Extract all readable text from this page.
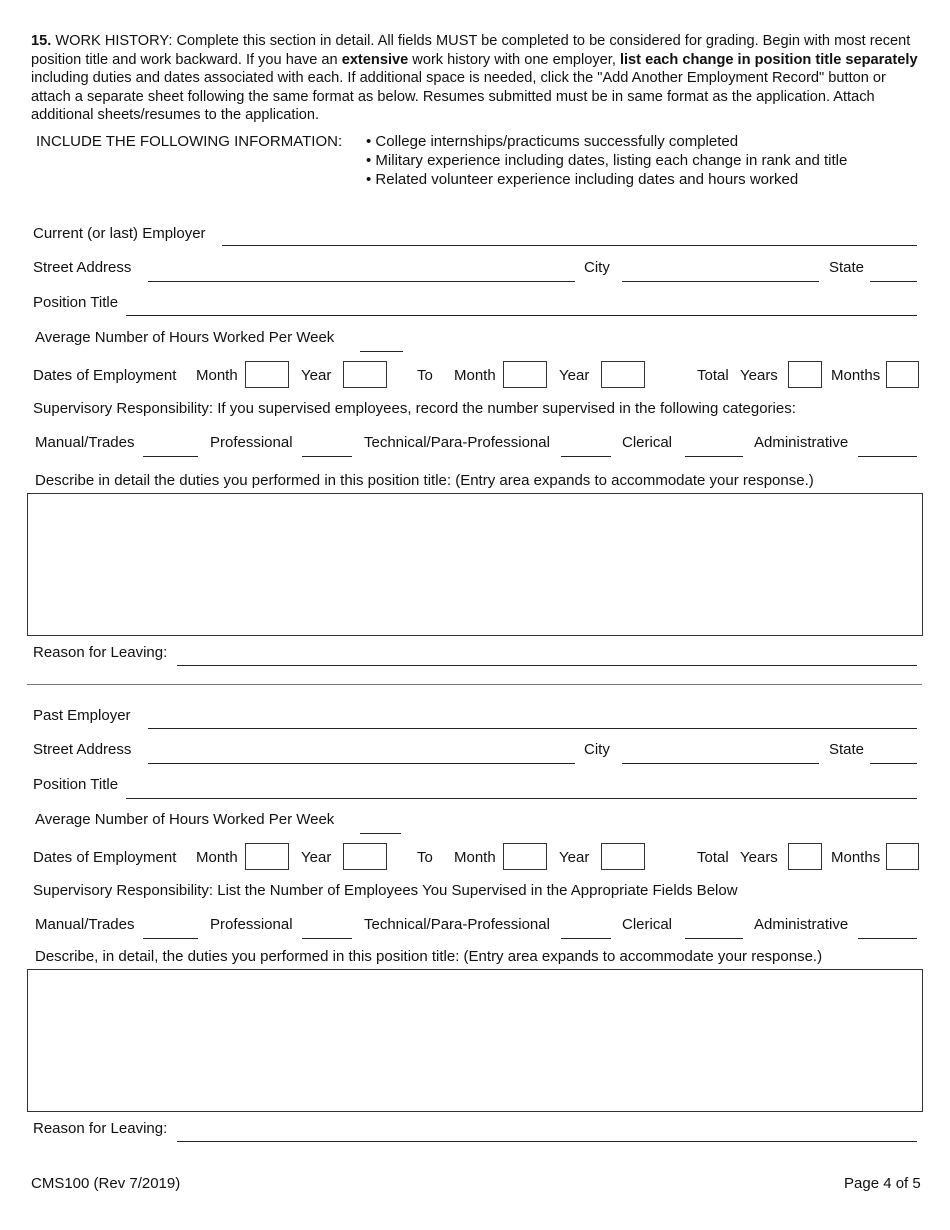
15. WORK HISTORY: Complete this section in detail. All fields MUST be completed to be considered for grading. Begin with most recent position title and work backward. If you have an extensive work history with one employer, list each change in position title separately including duties and dates associated with each. If additional space is needed, click the "Add Another Employment Record" button or attach a separate sheet following the same format as below. Resumes submitted must be in same format as the application. Attach additional sheets/resumes to the application.
INCLUDE THE FOLLOWING INFORMATION: • College internships/practicums successfully completed
• Military experience including dates, listing each change in rank and title
• Related volunteer experience including dates and hours worked
Current (or last) Employer
Street Address	City	State
Position Title
Average Number of Hours Worked Per Week
Dates of Employment Month	Year	To Month	Year	Total Years	Months
Supervisory Responsibility: If you supervised employees, record the number supervised in the following categories:
Manual/Trades	Professional	Technical/Para-Professional	Clerical	Administrative
Describe in detail the duties you performed in this position title: (Entry area expands to accommodate your response.)
Reason for Leaving:
Past Employer
Street Address	City	State
Position Title
Average Number of Hours Worked Per Week
Dates of Employment Month	Year	To Month	Year	Total Years	Months
Supervisory Responsibility: List the Number of Employees You Supervised in the Appropriate Fields Below
Manual/Trades	Professional	Technical/Para-Professional	Clerical	Administrative
Describe, in detail, the duties you performed in this position title: (Entry area expands to accommodate your response.)
Reason for Leaving:
CMS100 (Rev 7/2019)	Page 4 of 5
